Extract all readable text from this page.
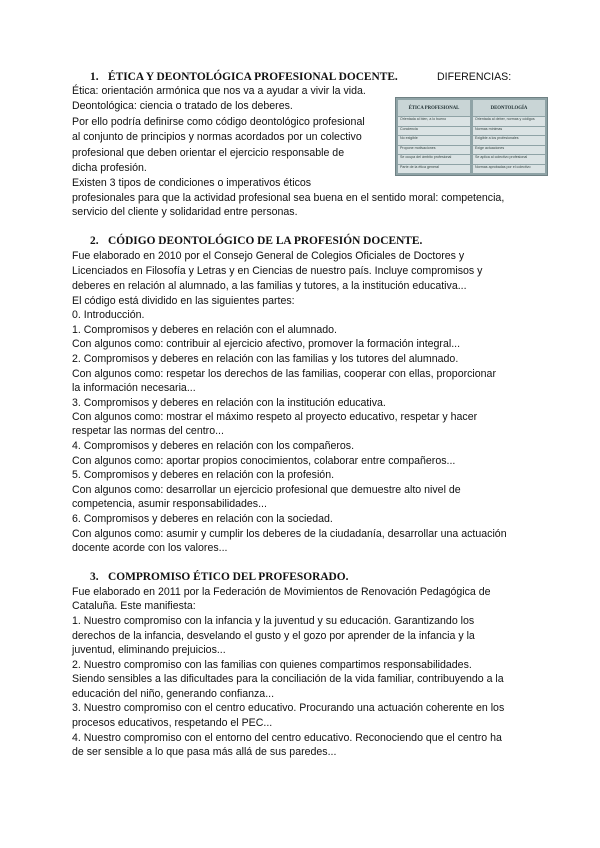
1. ÉTICA Y DEONTOLÓGICA PROFESIONAL DOCENTE.	DIFERENCIAS:
Ética: orientación armónica que nos va a ayudar a vivir la vida.
Deontológica: ciencia o tratado de los deberes.
Por ello podría definirse como código deontológico profesional
al conjunto de principios y normas acordados por un colectivo
profesional que deben orientar el ejercicio responsable de
dicha profesión.
Existen 3 tipos de condiciones o imperativos éticos
profesionales para que la actividad profesional sea buena en el sentido moral: competencia,
servicio del cliente y solidaridad entre personas.
ÉTICA PROFESIONAL
Orientada al bien, a lo bueno
Conciencia
No exigible
Propone motivaciones
Se ocupa del ámbito profesional
Parte de la ética general
DEONTOLOGÍA
Orientada al deber, normas y códigos
Normas mínimas
Exigible a los profesionales
Exige actuaciones
Se aplica al colectivo profesional
Normas aprobadas por el colectivo
2. CÓDIGO DEONTOLÓGICO DE LA PROFESIÓN DOCENTE.
Fue elaborado en 2010 por el Consejo General de Colegios Oficiales de Doctores y
Licenciados en Filosofía y Letras y en Ciencias de nuestro país. Incluye compromisos y
deberes en relación al alumnado, a las familias y tutores, a la institución educativa...
El código está dividido en las siguientes partes:
0. Introducción.
1. Compromisos y deberes en relación con el alumnado.
Con algunos como: contribuir al ejercicio afectivo, promover la formación integral...
2. Compromisos y deberes en relación con las familias y los tutores del alumnado.
Con algunos como: respetar los derechos de las familias, cooperar con ellas, proporcionar
la información necesaria...
3. Compromisos y deberes en relación con la institución educativa.
Con algunos como: mostrar el máximo respeto al proyecto educativo, respetar y hacer
respetar las normas del centro...
4. Compromisos y deberes en relación con los compañeros.
Con algunos como: aportar propios conocimientos, colaborar entre compañeros...
5. Compromisos y deberes en relación con la profesión.
Con algunos como: desarrollar un ejercicio profesional que demuestre alto nivel de
competencia, asumir responsabilidades...
6. Compromisos y deberes en relación con la sociedad.
Con algunos como: asumir y cumplir los deberes de la ciudadanía, desarrollar una actuación
docente acorde con los valores...
3. COMPROMISO ÉTICO DEL PROFESORADO.
Fue elaborado en 2011 por la Federación de Movimientos de Renovación Pedagógica de
Cataluña. Este manifiesta:
1. Nuestro compromiso con la infancia y la juventud y su educación. Garantizando los
derechos de la infancia, desvelando el gusto y el gozo por aprender de la infancia y la
juventud, eliminando prejuicios...
2. Nuestro compromiso con las familias con quienes compartimos responsabilidades.
Siendo sensibles a las dificultades para la conciliación de la vida familiar, contribuyendo a la
educación del niño, generando confianza...
3. Nuestro compromiso con el centro educativo. Procurando una actuación coherente en los
procesos educativos, respetando el PEC...
4. Nuestro compromiso con el entorno del centro educativo. Reconociendo que el centro ha
de ser sensible a lo que pasa más allá de sus paredes...
